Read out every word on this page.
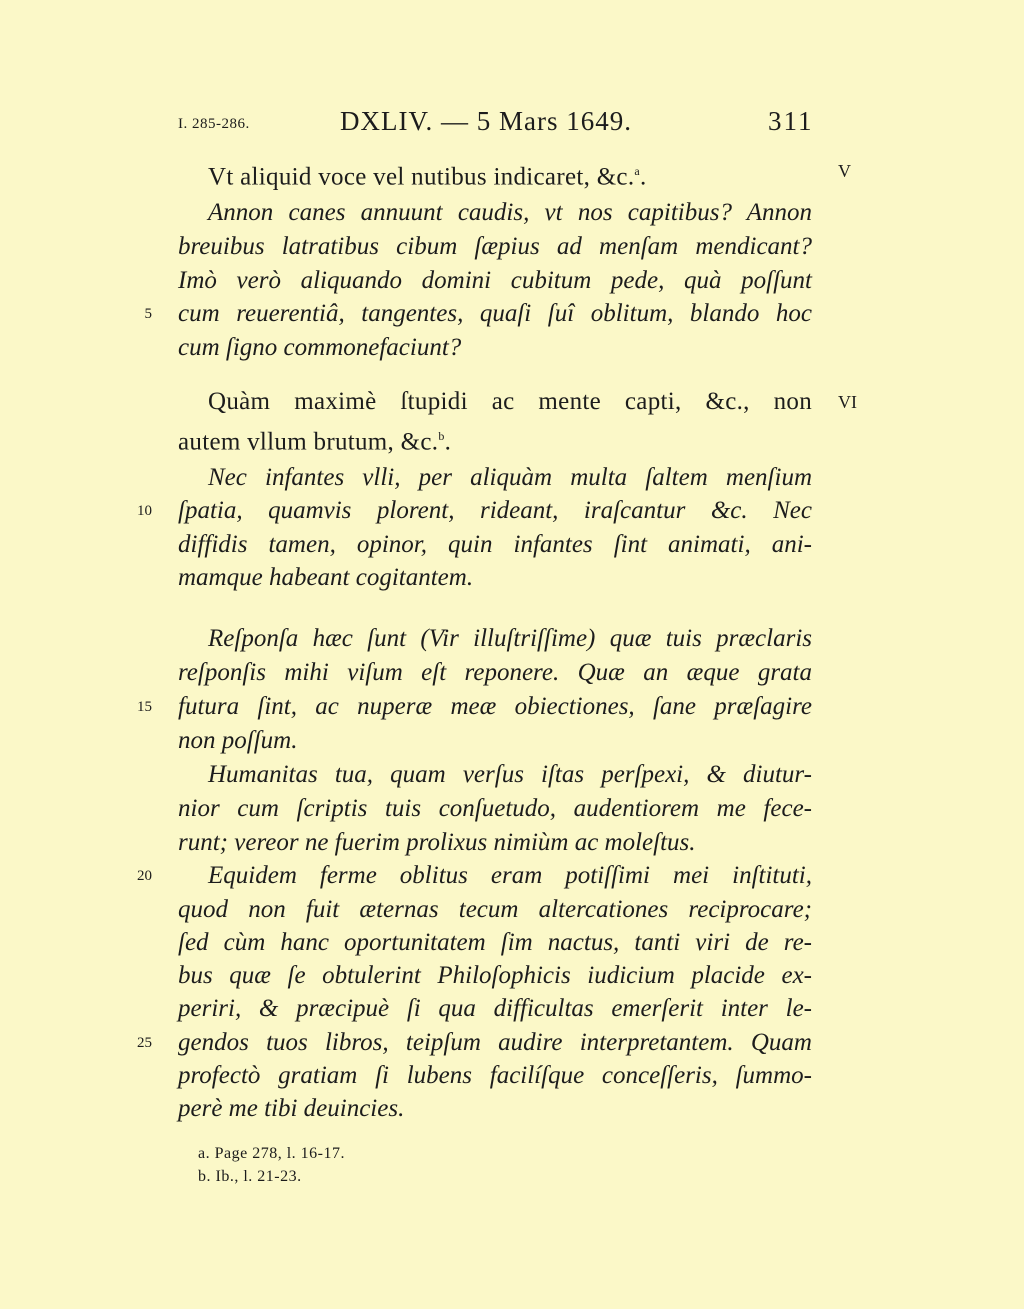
I. 285-286.	DXLIV. — 5 Mars 1649.	311
Vt aliquid voce vel nutibus indicaret, &c.$^a$.	V
Annon canes annuunt caudis, vt nos capitibus? Annon
breuibus latratibus cibum ſæpius ad menſam mendicant?
Imò verò aliquando domini cubitum pede, quà poſſunt
5 cum reuerentiâ, tangentes, quaſi ſuî oblitum, blando hoc
cum ſigno commonefaciunt?
Quàm maximè ſtupidi ac mente capti, &c., non VI
autem vllum brutum, &c.$^b$.
Nec infantes vlli, per aliquàm multa ſaltem menſium
10 ſpatia, quamvis plorent, rideant, iraſcantur &c. Nec
diffidis tamen, opinor, quin infantes ſint animati, ani-
mamque habeant cogitantem.
Reſponſa hæc ſunt (Vir illuſtriſſime) quæ tuis præclaris
reſponſis mihi viſum eſt reponere. Quæ an æque grata
15 futura ſint, ac nuperæ meæ obiectiones, ſane præſagire
non poſſum.
Humanitas tua, quam verſus iſtas perſpexi, & diutur-
nior cum ſcriptis tuis conſuetudo, audentiorem me fece-
runt; vereor ne fuerim prolixus nimiùm ac moleſtus.
20	Equidem ferme oblitus eram potiſſimi mei inſtituti,
quod non fuit æternas tecum altercationes reciprocare;
ſed cùm hanc oportunitatem ſim nactus, tanti viri de re-
bus quæ ſe obtulerint Philoſophicis iudicium placide ex-
periri, & præcipuè ſi qua difficultas emerſerit inter le-
25 gendos tuos libros, teipſum audire interpretantem. Quam
profectò gratiam ſi lubens facilíſque conceſſeris, ſummo-
perè me tibi deuincies.
a. Page 278, l. 16-17.
b. Ib., l. 21-23.
